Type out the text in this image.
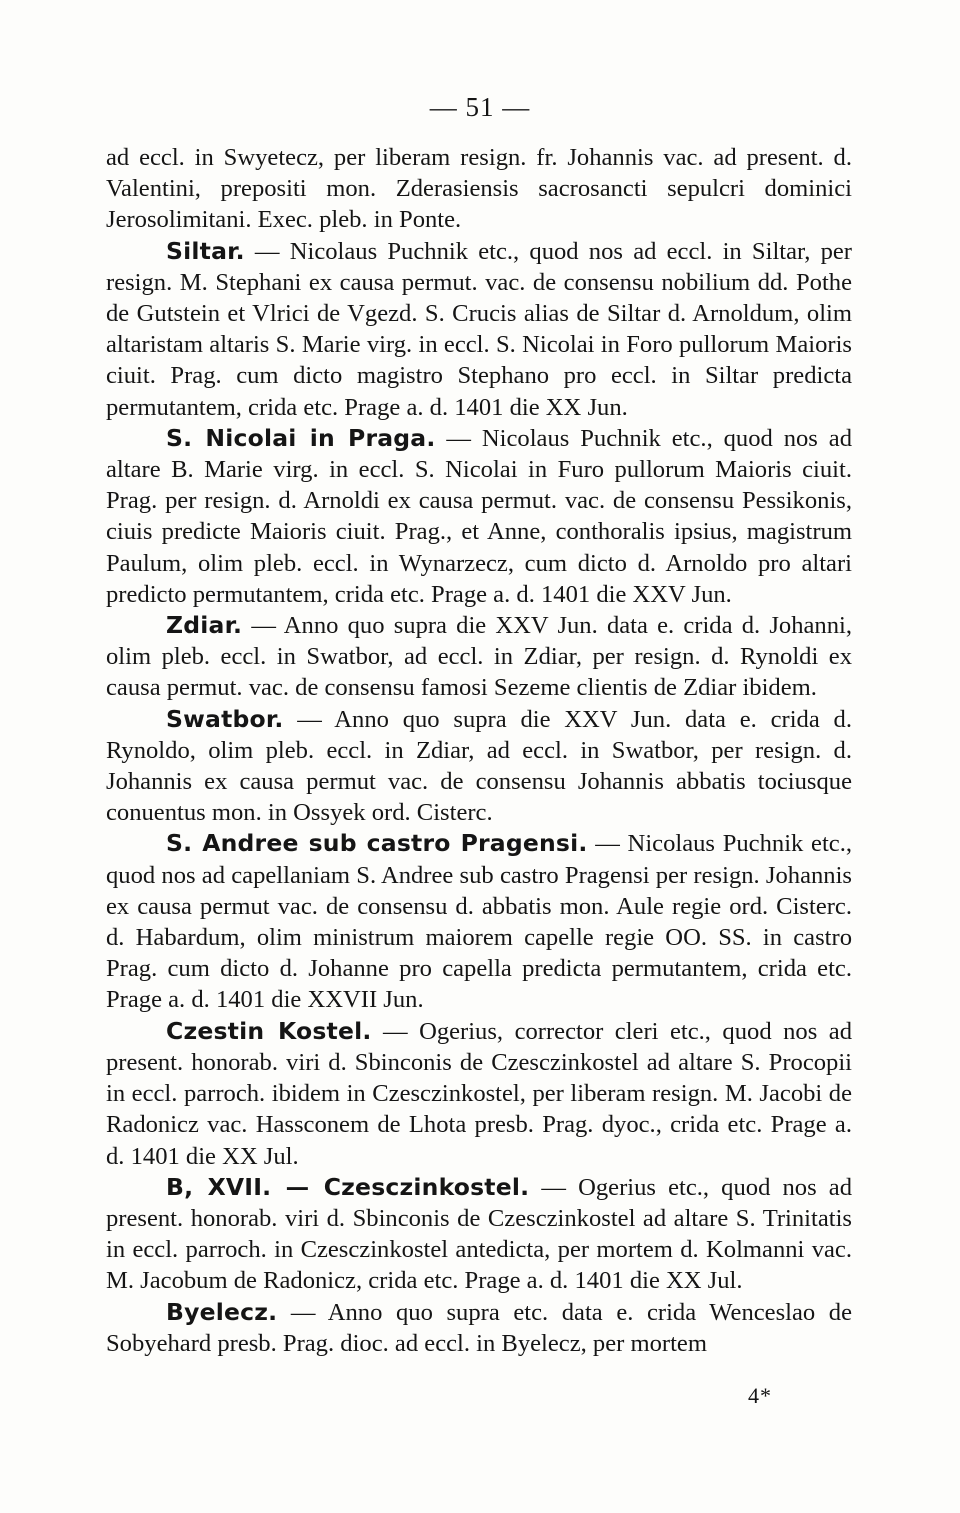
— 51 —

ad eccl. in Swyetecz, per liberam resign. fr. Johannis vac. ad present. d. Valentini, prepositi mon. Zderasiensis sacrosancti sepulcri dominici Jerosolimitani. Exec. pleb. in Ponte.

Siltar. — Nicolaus Puchnik etc., quod nos ad eccl. in Siltar, per resign. M. Stephani ex causa permut. vac. de consensu nobilium dd. Pothe de Gutstein et Vlrici de Vgezd. S. Crucis alias de Siltar d. Arnoldum, olim altaristam altaris S. Marie virg. in eccl. S. Nicolai in Foro pullorum Maioris ciuit. Prag. cum dicto magistro Stephano pro eccl. in Siltar predicta permutantem, crida etc. Prage a. d. 1401 die XX Jun.

S. Nicolai in Praga. — Nicolaus Puchnik etc., quod nos ad altare B. Marie virg. in eccl. S. Nicolai in Furo pullorum Maioris ciuit. Prag. per resign. d. Arnoldi ex causa permut. vac. de consensu Pessikonis, ciuis predicte Maioris ciuit. Prag., et Anne, conthoralis ipsius, magistrum Paulum, olim pleb. eccl. in Wynarzecz, cum dicto d. Arnoldo pro altari predicto permutantem, crida etc. Prage a. d. 1401 die XXV Jun.

Zdiar. — Anno quo supra die XXV Jun. data e. crida d. Johanni, olim pleb. eccl. in Swatbor, ad eccl. in Zdiar, per resign. d. Rynoldi ex causa permut. vac. de consensu famosi Sezeme clientis de Zdiar ibidem.

Swatbor. — Anno quo supra die XXV Jun. data e. crida d. Rynoldo, olim pleb. eccl. in Zdiar, ad eccl. in Swatbor, per resign. d. Johannis ex causa permut vac. de consensu Johannis abbatis tociusque conuentus mon. in Ossyek ord. Cisterc.

S. Andree sub castro Pragensi. — Nicolaus Puchnik etc., quod nos ad capellaniam S. Andree sub castro Pragensi per resign. Johannis ex causa permut vac. de consensu d. abbatis mon. Aule regie ord. Cisterc. d. Habardum, olim ministrum maiorem capelle regie OO. SS. in castro Prag. cum dicto d. Johanne pro capella predicta permutantem, crida etc. Prage a. d. 1401 die XXVII Jun.

Czestin Kostel. — Ogerius, corrector cleri etc., quod nos ad present. honorab. viri d. Sbinconis de Czesczinkostel ad altare S. Procopii in eccl. parroch. ibidem in Czesczinkostel, per liberam resign. M. Jacobi de Radonicz vac. Hassconem de Lhota presb. Prag. dyoc., crida etc. Prage a. d. 1401 die XX Jul.

B, XVII. — Czesczinkostel. — Ogerius etc., quod nos ad present. honorab. viri d. Sbinconis de Czesczinkostel ad altare S. Trinitatis in eccl. parroch. in Czesczinkostel antedicta, per mortem d. Kolmanni vac. M. Jacobum de Radonicz, crida etc. Prage a. d. 1401 die XX Jul.

Byelecz. — Anno quo supra etc. data e. crida Wenceslao de Sobyehard presb. Prag. dioc. ad eccl. in Byelecz, per mortem

4*
